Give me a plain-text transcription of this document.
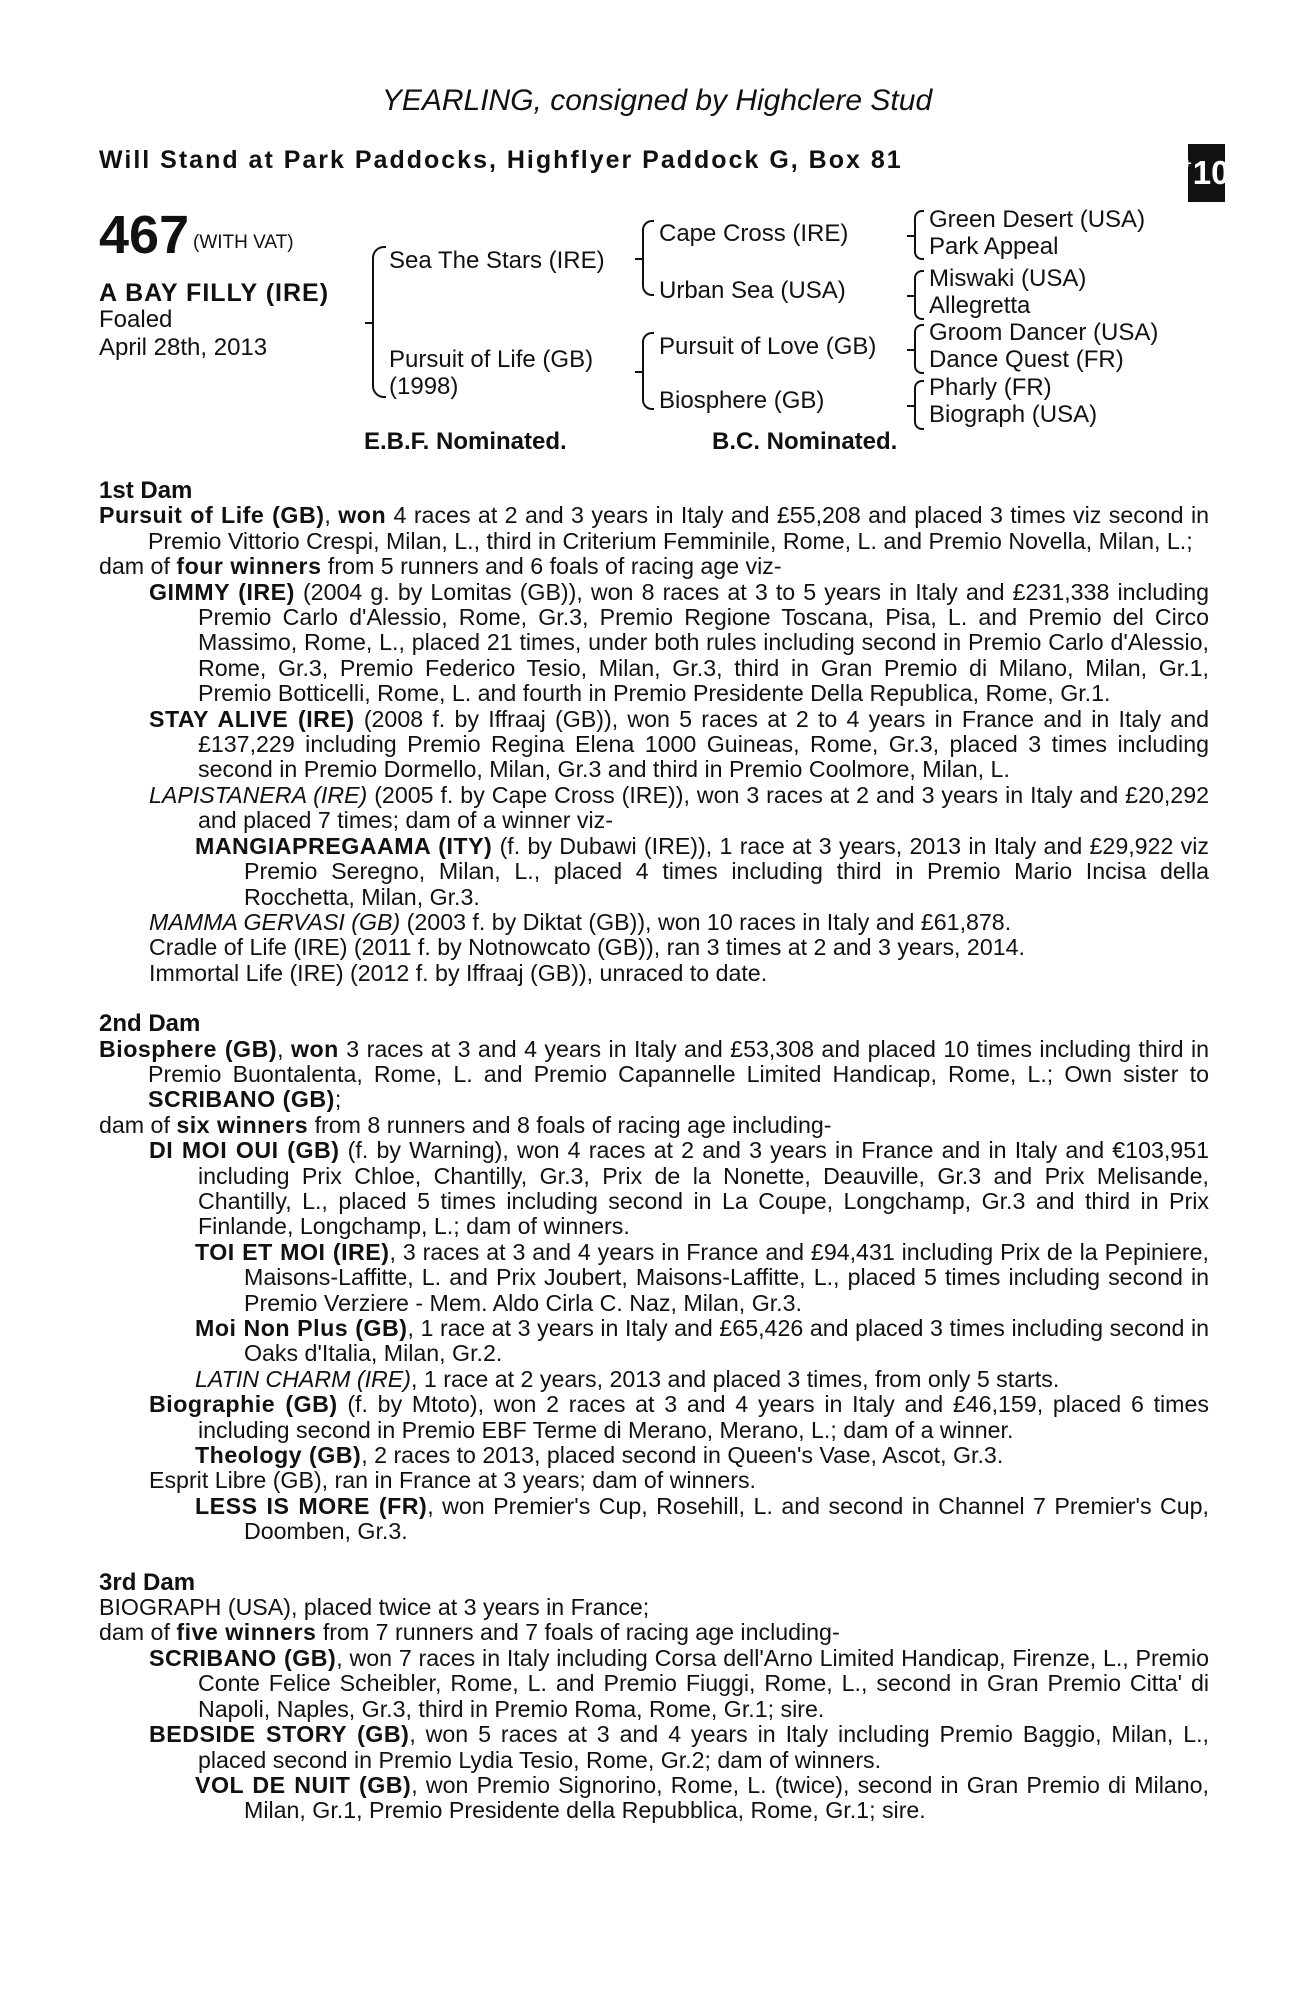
YEARLING, consigned by Highclere Stud
Will Stand at Park Paddocks, Highflyer Paddock G, Box 81	+ 10
467 (WITH VAT)
A BAY FILLY (IRE)
Foaled
April 28th, 2013
Sea The Stars (IRE)
Pursuit of Life (GB)
(1998)
Cape Cross (IRE)
Urban Sea (USA)
Pursuit of Love (GB)
Biosphere (GB)
Green Desert (USA)
Park Appeal
Miswaki (USA)
Allegretta
Groom Dancer (USA)
Dance Quest (FR)
Pharly (FR)
Biograph (USA)
E.B.F. Nominated.	B.C. Nominated.

1st Dam

Pursuit of Life (GB), won 4 races at 2 and 3 years in Italy and £55,208 and placed 3 times viz second in Premio Vittorio Crespi, Milan, L., third in Criterium Femminile, Rome, L. and Premio Novella, Milan, L.;

dam of four winners from 5 runners and 6 foals of racing age viz-

GIMMY (IRE) (2004 g. by Lomitas (GB)), won 8 races at 3 to 5 years in Italy and £231,338 including Premio Carlo d'Alessio, Rome, Gr.3, Premio Regione Toscana, Pisa, L. and Premio del Circo Massimo, Rome, L., placed 21 times, under both rules including second in Premio Carlo d'Alessio, Rome, Gr.3, Premio Federico Tesio, Milan, Gr.3, third in Gran Premio di Milano, Milan, Gr.1, Premio Botticelli, Rome, L. and fourth in Premio Presidente Della Republica, Rome, Gr.1.

STAY ALIVE (IRE) (2008 f. by Iffraaj (GB)), won 5 races at 2 to 4 years in France and in Italy and £137,229 including Premio Regina Elena 1000 Guineas, Rome, Gr.3, placed 3 times including second in Premio Dormello, Milan, Gr.3 and third in Premio Coolmore, Milan, L.

LAPISTANERA (IRE) (2005 f. by Cape Cross (IRE)), won 3 races at 2 and 3 years in Italy and £20,292 and placed 7 times; dam of a winner viz-

MANGIAPREGAAMA (ITY) (f. by Dubawi (IRE)), 1 race at 3 years, 2013 in Italy and £29,922 viz Premio Seregno, Milan, L., placed 4 times including third in Premio Mario Incisa della Rocchetta, Milan, Gr.3.

MAMMA GERVASI (GB) (2003 f. by Diktat (GB)), won 10 races in Italy and £61,878.

Cradle of Life (IRE) (2011 f. by Notnowcato (GB)), ran 3 times at 2 and 3 years, 2014.

Immortal Life (IRE) (2012 f. by Iffraaj (GB)), unraced to date.

2nd Dam

Biosphere (GB), won 3 races at 3 and 4 years in Italy and £53,308 and placed 10 times including third in Premio Buontalenta, Rome, L. and Premio Capannelle Limited Handicap, Rome, L.; Own sister to SCRIBANO (GB);

dam of six winners from 8 runners and 8 foals of racing age including-

DI MOI OUI (GB) (f. by Warning), won 4 races at 2 and 3 years in France and in Italy and €103,951 including Prix Chloe, Chantilly, Gr.3, Prix de la Nonette, Deauville, Gr.3 and Prix Melisande, Chantilly, L., placed 5 times including second in La Coupe, Longchamp, Gr.3 and third in Prix Finlande, Longchamp, L.; dam of winners.

TOI ET MOI (IRE), 3 races at 3 and 4 years in France and £94,431 including Prix de la Pepiniere, Maisons-Laffitte, L. and Prix Joubert, Maisons-Laffitte, L., placed 5 times including second in Premio Verziere - Mem. Aldo Cirla C. Naz, Milan, Gr.3.

Moi Non Plus (GB), 1 race at 3 years in Italy and £65,426 and placed 3 times including second in Oaks d'Italia, Milan, Gr.2.

LATIN CHARM (IRE), 1 race at 2 years, 2013 and placed 3 times, from only 5 starts.

Biographie (GB) (f. by Mtoto), won 2 races at 3 and 4 years in Italy and £46,159, placed 6 times including second in Premio EBF Terme di Merano, Merano, L.; dam of a winner.

Theology (GB), 2 races to 2013, placed second in Queen's Vase, Ascot, Gr.3.

Esprit Libre (GB), ran in France at 3 years; dam of winners.

LESS IS MORE (FR), won Premier's Cup, Rosehill, L. and second in Channel 7 Premier's Cup, Doomben, Gr.3.

3rd Dam

BIOGRAPH (USA), placed twice at 3 years in France;

dam of five winners from 7 runners and 7 foals of racing age including-

SCRIBANO (GB), won 7 races in Italy including Corsa dell'Arno Limited Handicap, Firenze, L., Premio Conte Felice Scheibler, Rome, L. and Premio Fiuggi, Rome, L., second in Gran Premio Citta' di Napoli, Naples, Gr.3, third in Premio Roma, Rome, Gr.1; sire.

BEDSIDE STORY (GB), won 5 races at 3 and 4 years in Italy including Premio Baggio, Milan, L., placed second in Premio Lydia Tesio, Rome, Gr.2; dam of winners.

VOL DE NUIT (GB), won Premio Signorino, Rome, L. (twice), second in Gran Premio di Milano, Milan, Gr.1, Premio Presidente della Repubblica, Rome, Gr.1; sire.
